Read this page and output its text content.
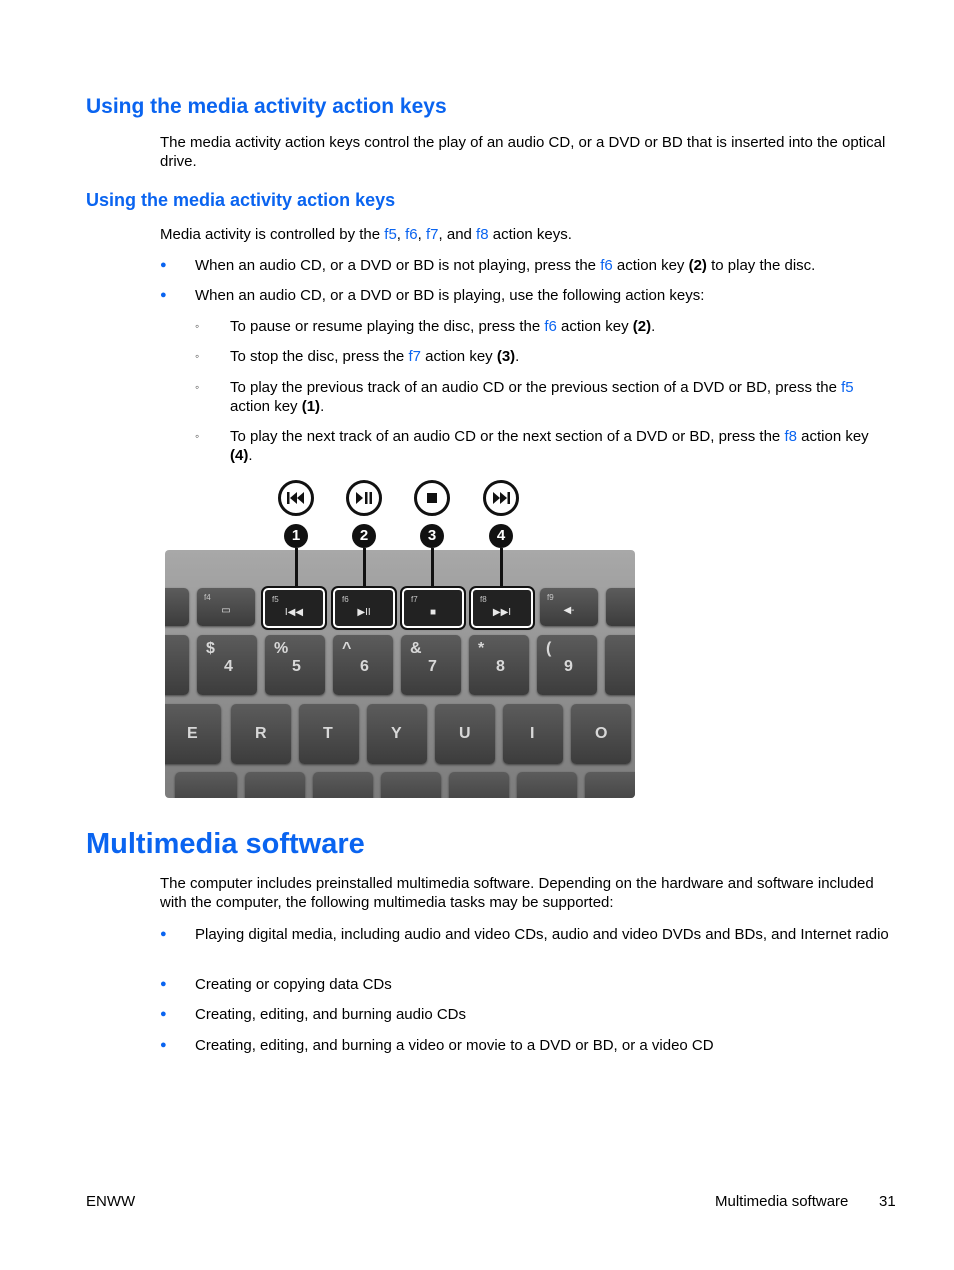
Using the media activity action keys

The media activity action keys control the play of an audio CD, or a DVD or BD that is inserted into the optical drive.

Using the media activity action keys

Media activity is controlled by the f5, f6, f7, and f8 action keys.

● When an audio CD, or a DVD or BD is not playing, press the f6 action key (2) to play the disc.
● When an audio CD, or a DVD or BD is playing, use the following action keys:
◦ To pause or resume playing the disc, press the f6 action key (2).
◦ To stop the disc, press the f7 action key (3).
◦ To play the previous track of an audio CD or the previous section of a DVD or BD, press the f5 action key (1).
◦ To play the next track of an audio CD or the next section of a DVD or BD, press the f8 action key (4).
1	2	3	4
f4
▭
f5
I◀◀
f6
▶II
f7
■
f8
▶▶I
f9
◀-
$
4
%
5
^
6
&
7
*
8
(
9
E	R	T	Y	U	I	O
Multimedia software

The computer includes preinstalled multimedia software. Depending on the hardware and software included with the computer, the following multimedia tasks may be supported:

● Playing digital media, including audio and video CDs, audio and video DVDs and BDs, and Internet radio
● Creating or copying data CDs
● Creating, editing, and burning audio CDs
● Creating, editing, and burning a video or movie to a DVD or BD, or a video CD
ENWW	Multimedia software 31
